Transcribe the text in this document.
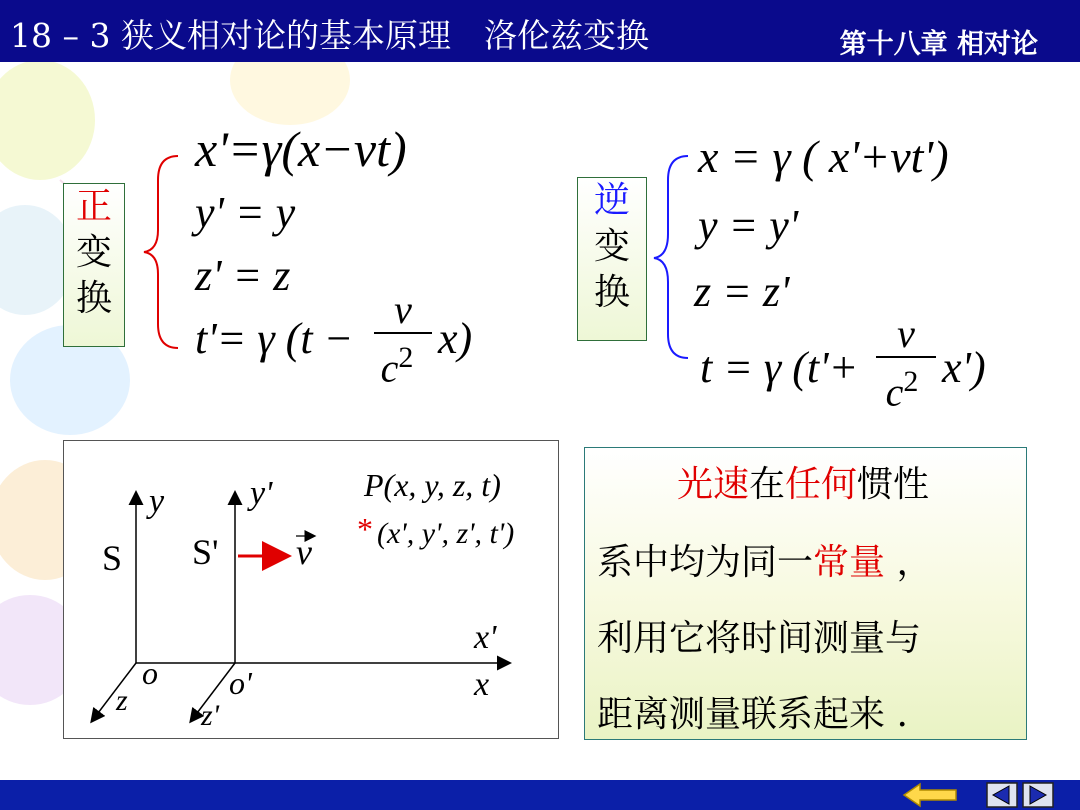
18 – 3 狭义相对论的基本原理　洛伦兹变换	第十八章 相对论
正
变
换
x'=γ(x−vt)
y' = y
z' = z
t'= γ (t −
v
$c^2$ x)
逆
变
换
x = γ ( x'+vt')
y = y'
z = z'
t = γ (t'+
v
$c^2$ x')
y	y'
S S' v
P(x, y, z, t)
* (x', y', z', t')
x'
x
o o'
z z'
光速在任何惯性
系中均为同一常量 ，
利用它将时间测量与
距离测量联系起来 .
